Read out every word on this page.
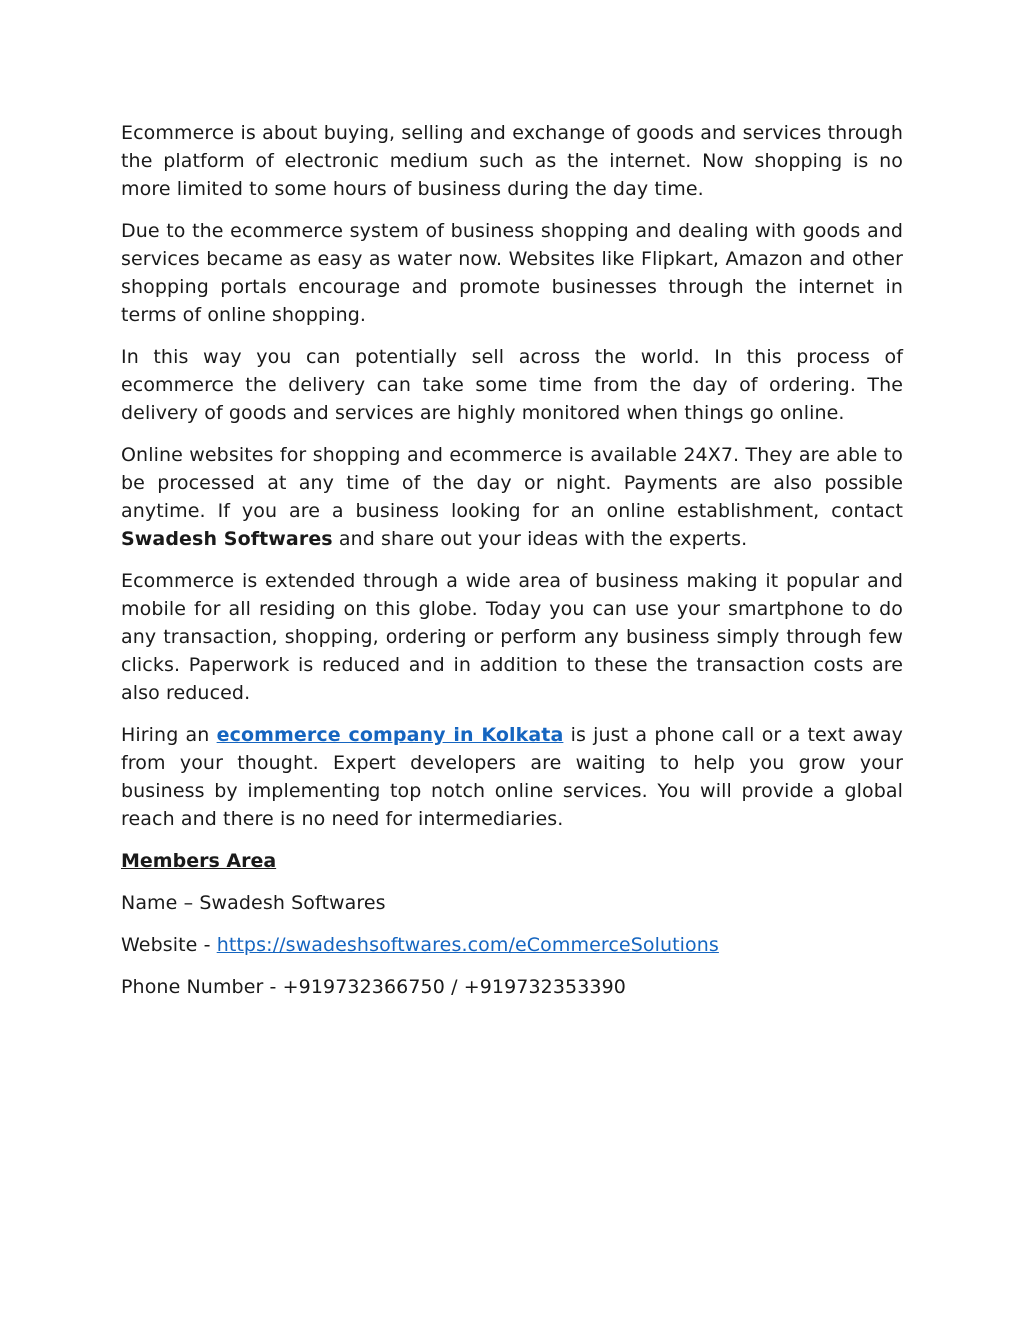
Ecommerce is about buying, selling and exchange of goods and services through the platform of electronic medium such as the internet. Now shopping is no more limited to some hours of business during the day time.

Due to the ecommerce system of business shopping and dealing with goods and services became as easy as water now. Websites like Flipkart, Amazon and other shopping portals encourage and promote businesses through the internet in terms of online shopping.

In this way you can potentially sell across the world. In this process of ecommerce the delivery can take some time from the day of ordering. The delivery of goods and services are highly monitored when things go online.

Online websites for shopping and ecommerce is available 24X7. They are able to be processed at any time of the day or night. Payments are also possible anytime. If you are a business looking for an online establishment, contact Swadesh Softwares and share out your ideas with the experts.

Ecommerce is extended through a wide area of business making it popular and mobile for all residing on this globe. Today you can use your smartphone to do any transaction, shopping, ordering or perform any business simply through few clicks. Paperwork is reduced and in addition to these the transaction costs are also reduced.

Hiring an ecommerce company in Kolkata is just a phone call or a text away from your thought. Expert developers are waiting to help you grow your business by implementing top notch online services. You will provide a global reach and there is no need for intermediaries.

Members Area

Name – Swadesh Softwares

Website - https://swadeshsoftwares.com/eCommerceSolutions

Phone Number - +919732366750 / +919732353390
